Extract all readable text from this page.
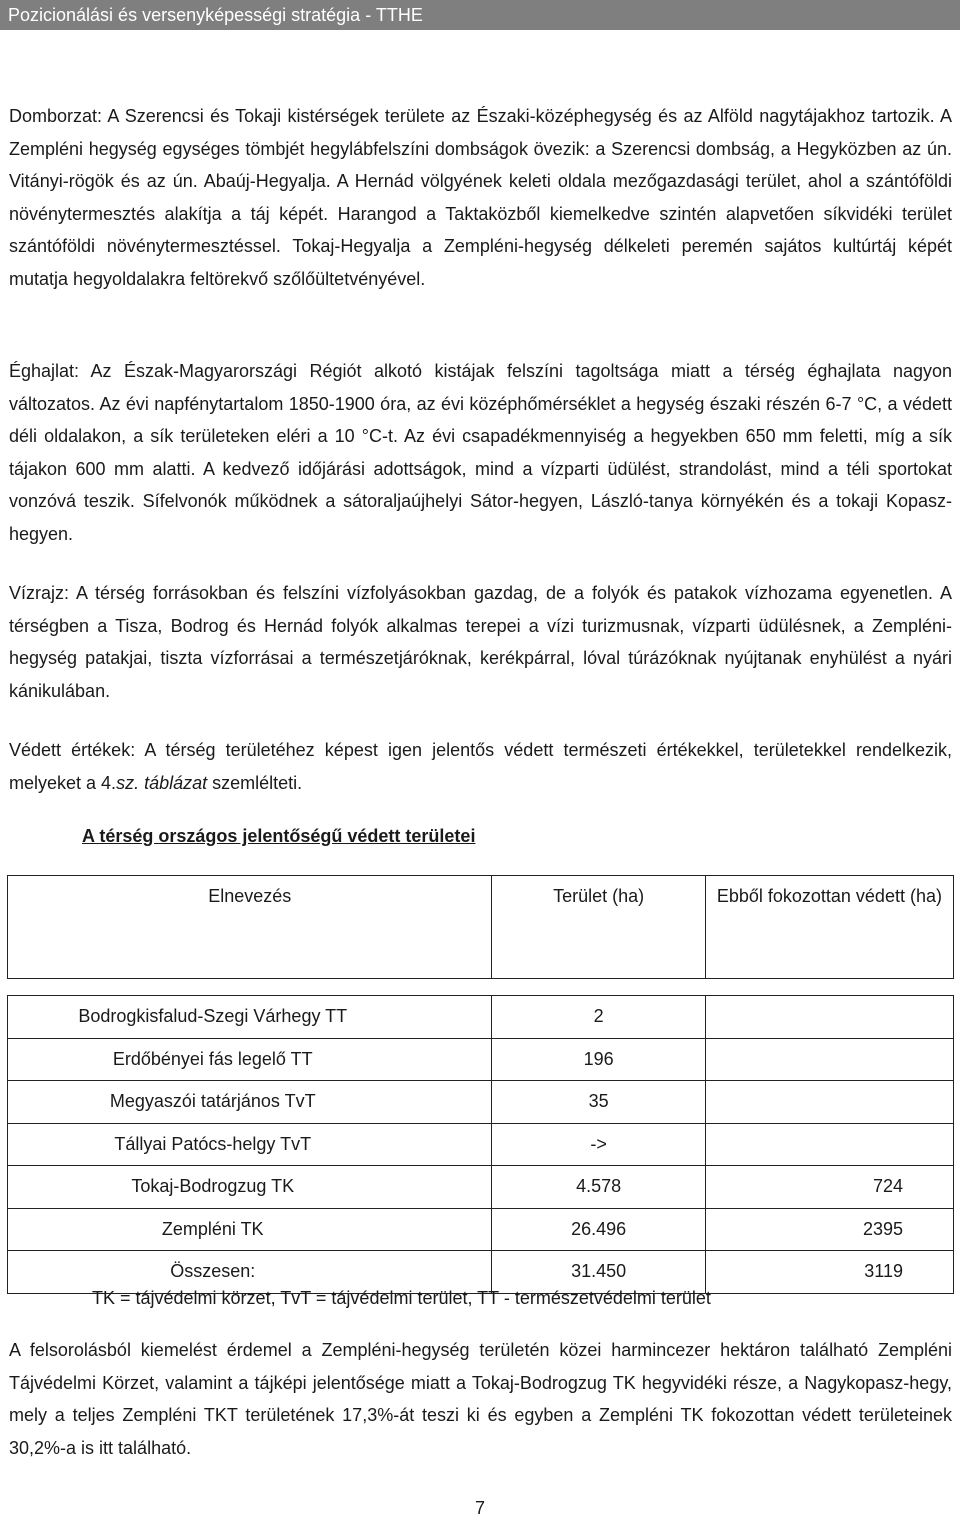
Pozicionálási és versenyképességi stratégia - TTHE

Domborzat: A Szerencsi és Tokaji kistérségek területe az Északi-középhegység és az Alföld nagytájakhoz tartozik. A Zempléni hegység egységes tömbjét hegylábfelszíni dombságok övezik: a Szerencsi dombság, a Hegyközben az ún. Vitányi-rögök és az ún. Abaúj-Hegyalja. A Hernád völgyének keleti oldala mezőgazdasági terület, ahol a szántóföldi növénytermesztés alakítja a táj képét. Harangod a Taktaközből kiemelkedve szintén alapvetően síkvidéki terület szántóföldi növénytermesztéssel. Tokaj-Hegyalja a Zempléni-hegység délkeleti peremén sajátos kultúrtáj képét mutatja hegyoldalakra feltörekvő szőlőültetvényével.

Éghajlat: Az Észak-Magyarországi Régiót alkotó kistájak felszíni tagoltsága miatt a térség éghajlata nagyon változatos. Az évi napfénytartalom 1850-1900 óra, az évi középhőmérséklet a hegység északi részén 6-7 °C, a védett déli oldalakon, a sík területeken eléri a 10 °C-t. Az évi csapadékmennyiség a hegyekben 650 mm feletti, míg a sík tájakon 600 mm alatti. A kedvező időjárási adottságok, mind a vízparti üdülést, strandolást, mind a téli sportokat vonzóvá teszik. Sífelvonók működnek a sátoraljaújhelyi Sátor-hegyen, László-tanya környékén és a tokaji Kopasz-hegyen.

Vízrajz: A térség forrásokban és felszíni vízfolyásokban gazdag, de a folyók és patakok vízhozama egyenetlen. A térségben a Tisza, Bodrog és Hernád folyók alkalmas terepei a vízi turizmusnak, vízparti üdülésnek, a Zempléni-hegység patakjai, tiszta vízforrásai a természetjáróknak, kerékpárral, lóval túrázóknak nyújtanak enyhülést a nyári kánikulában.

Védett értékek: A térség területéhez képest igen jelentős védett természeti értékekkel, területekkel rendelkezik, melyeket a 4.sz. táblázat szemlélteti.

A térség országos jelentőségű védett területei

Elnevezés	Terület (ha)	Ebből fokozottan védett (ha)

Bodrogkisfalud-Szegi Várhegy TT	2	
Erdőbényei fás legelő TT	196	
Megyaszói tatárjános TvT	35	
Tállyai Patócs-helgy TvT	->	
Tokaj-Bodrogzug TK	4.578	724
Zempléni TK	26.496	2395
Összesen:	31.450	3119

TK = tájvédelmi körzet, TvT = tájvédelmi terület, TT - természetvédelmi terület

A felsorolásból kiemelést érdemel a Zempléni-hegység területén közei harmincezer hektáron található Zempléni Tájvédelmi Körzet, valamint a tájképi jelentősége miatt a Tokaj-Bodrogzug TK hegyvidéki része, a Nagykopasz-hegy, mely a teljes Zempléni TKT területének 17,3%-át teszi ki és egyben a Zempléni TK fokozottan védett területeinek 30,2%-a is itt található.

7
